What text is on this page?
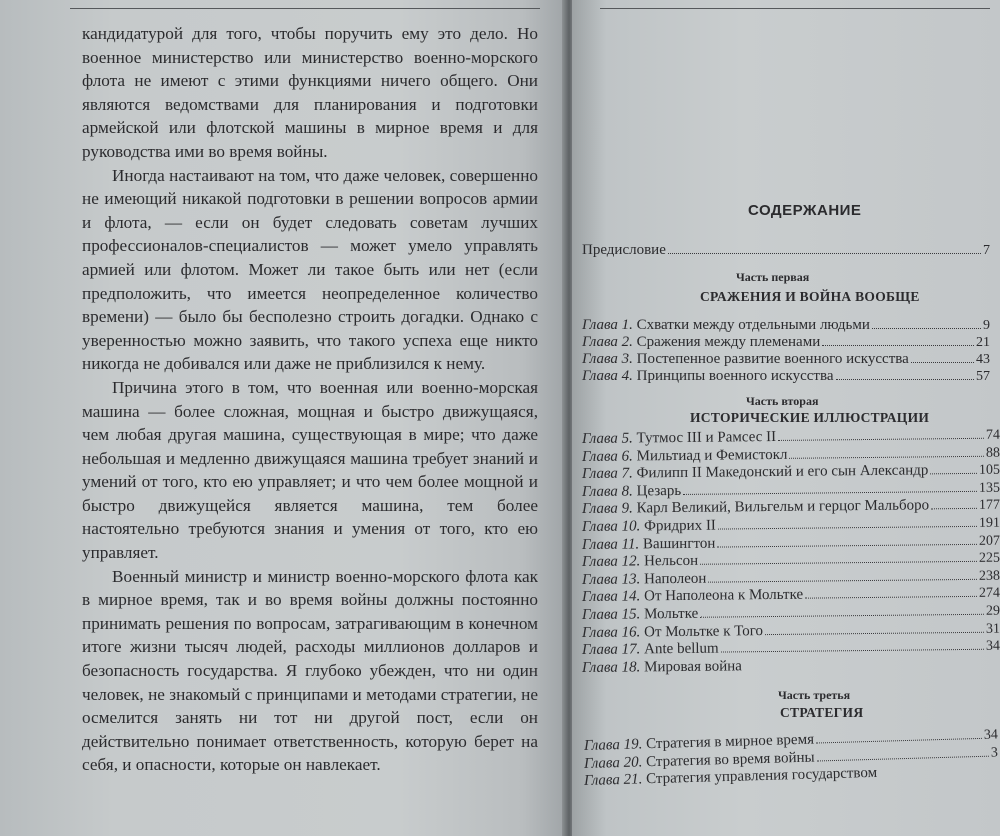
кандидатурой для того, чтобы поручить ему это дело. Но военное министерство или министерство военно-морского флота не имеют с этими функциями ничего общего. Они являются ведомствами для планирования и подготовки армейской или флотской машины в мирное время и для руководства ими во время войны.

Иногда настаивают на том, что даже человек, совершенно не имеющий никакой подготовки в решении вопросов армии и флота, — если он будет следовать советам лучших профессионалов-специалистов — может умело управлять армией или флотом. Может ли такое быть или нет (если предположить, что имеется неопределенное количество времени) — было бы бесполезно строить догадки. Однако с уверенностью можно заявить, что такого успеха еще никто никогда не добивался или даже не приблизился к нему.

Причина этого в том, что военная или военно-морская машина — более сложная, мощная и быстро движущаяся, чем любая другая машина, существующая в мире; что даже небольшая и медленно движущаяся машина требует знаний и умений от того, кто ею управляет; и что чем более мощной и быстро движущейся является машина, тем более настоятельно требуются знания и умения от того, кто ею управляет.

Военный министр и министр военно-морского флота как в мирное время, так и во время войны должны постоянно принимать решения по вопросам, затрагивающим в конечном итоге жизни тысяч людей, расходы миллионов долларов и безопасность государства. Я глубоко убежден, что ни один человек, не знакомый с принципами и методами стратегии, не осмелится занять ни тот ни другой пост, если он действительно понимает ответственность, которую берет на себя, и опасности, которые он навлекает.

СОДЕРЖАНИЕ
Предисловие	7
Часть первая
СРАЖЕНИЯ И ВОЙНА ВООБЩЕ
Глава 1. Схватки между отдельными людьми	9
Глава 2. Сражения между племенами	21
Глава 3. Постепенное развитие военного искусства	43
Глава 4. Принципы военного искусства	57
Часть вторая
ИСТОРИЧЕСКИЕ ИЛЛЮСТРАЦИИ
Глава 5. Тутмос III и Рамсес II	74
Глава 6. Мильтиад и Фемистокл	88
Глава 7. Филипп II Македонский и его сын Александр	105
Глава 8. Цезарь	135
Глава 9. Карл Великий, Вильгельм и герцог Мальборо	177
Глава 10. Фридрих II	191
Глава 11. Вашингтон	207
Глава 12. Нельсон	225
Глава 13. Наполеон	238
Глава 14. От Наполеона к Мольтке	274
Глава 15. Мольтке	29
Глава 16. От Мольтке к Того	31
Глава 17. Ante bellum	34
Глава 18. Мировая война
Часть третья
СТРАТЕГИЯ
Глава 19. Стратегия в мирное время	34
Глава 20. Стратегия во время войны	3
Глава 21. Стратегия управления государством
